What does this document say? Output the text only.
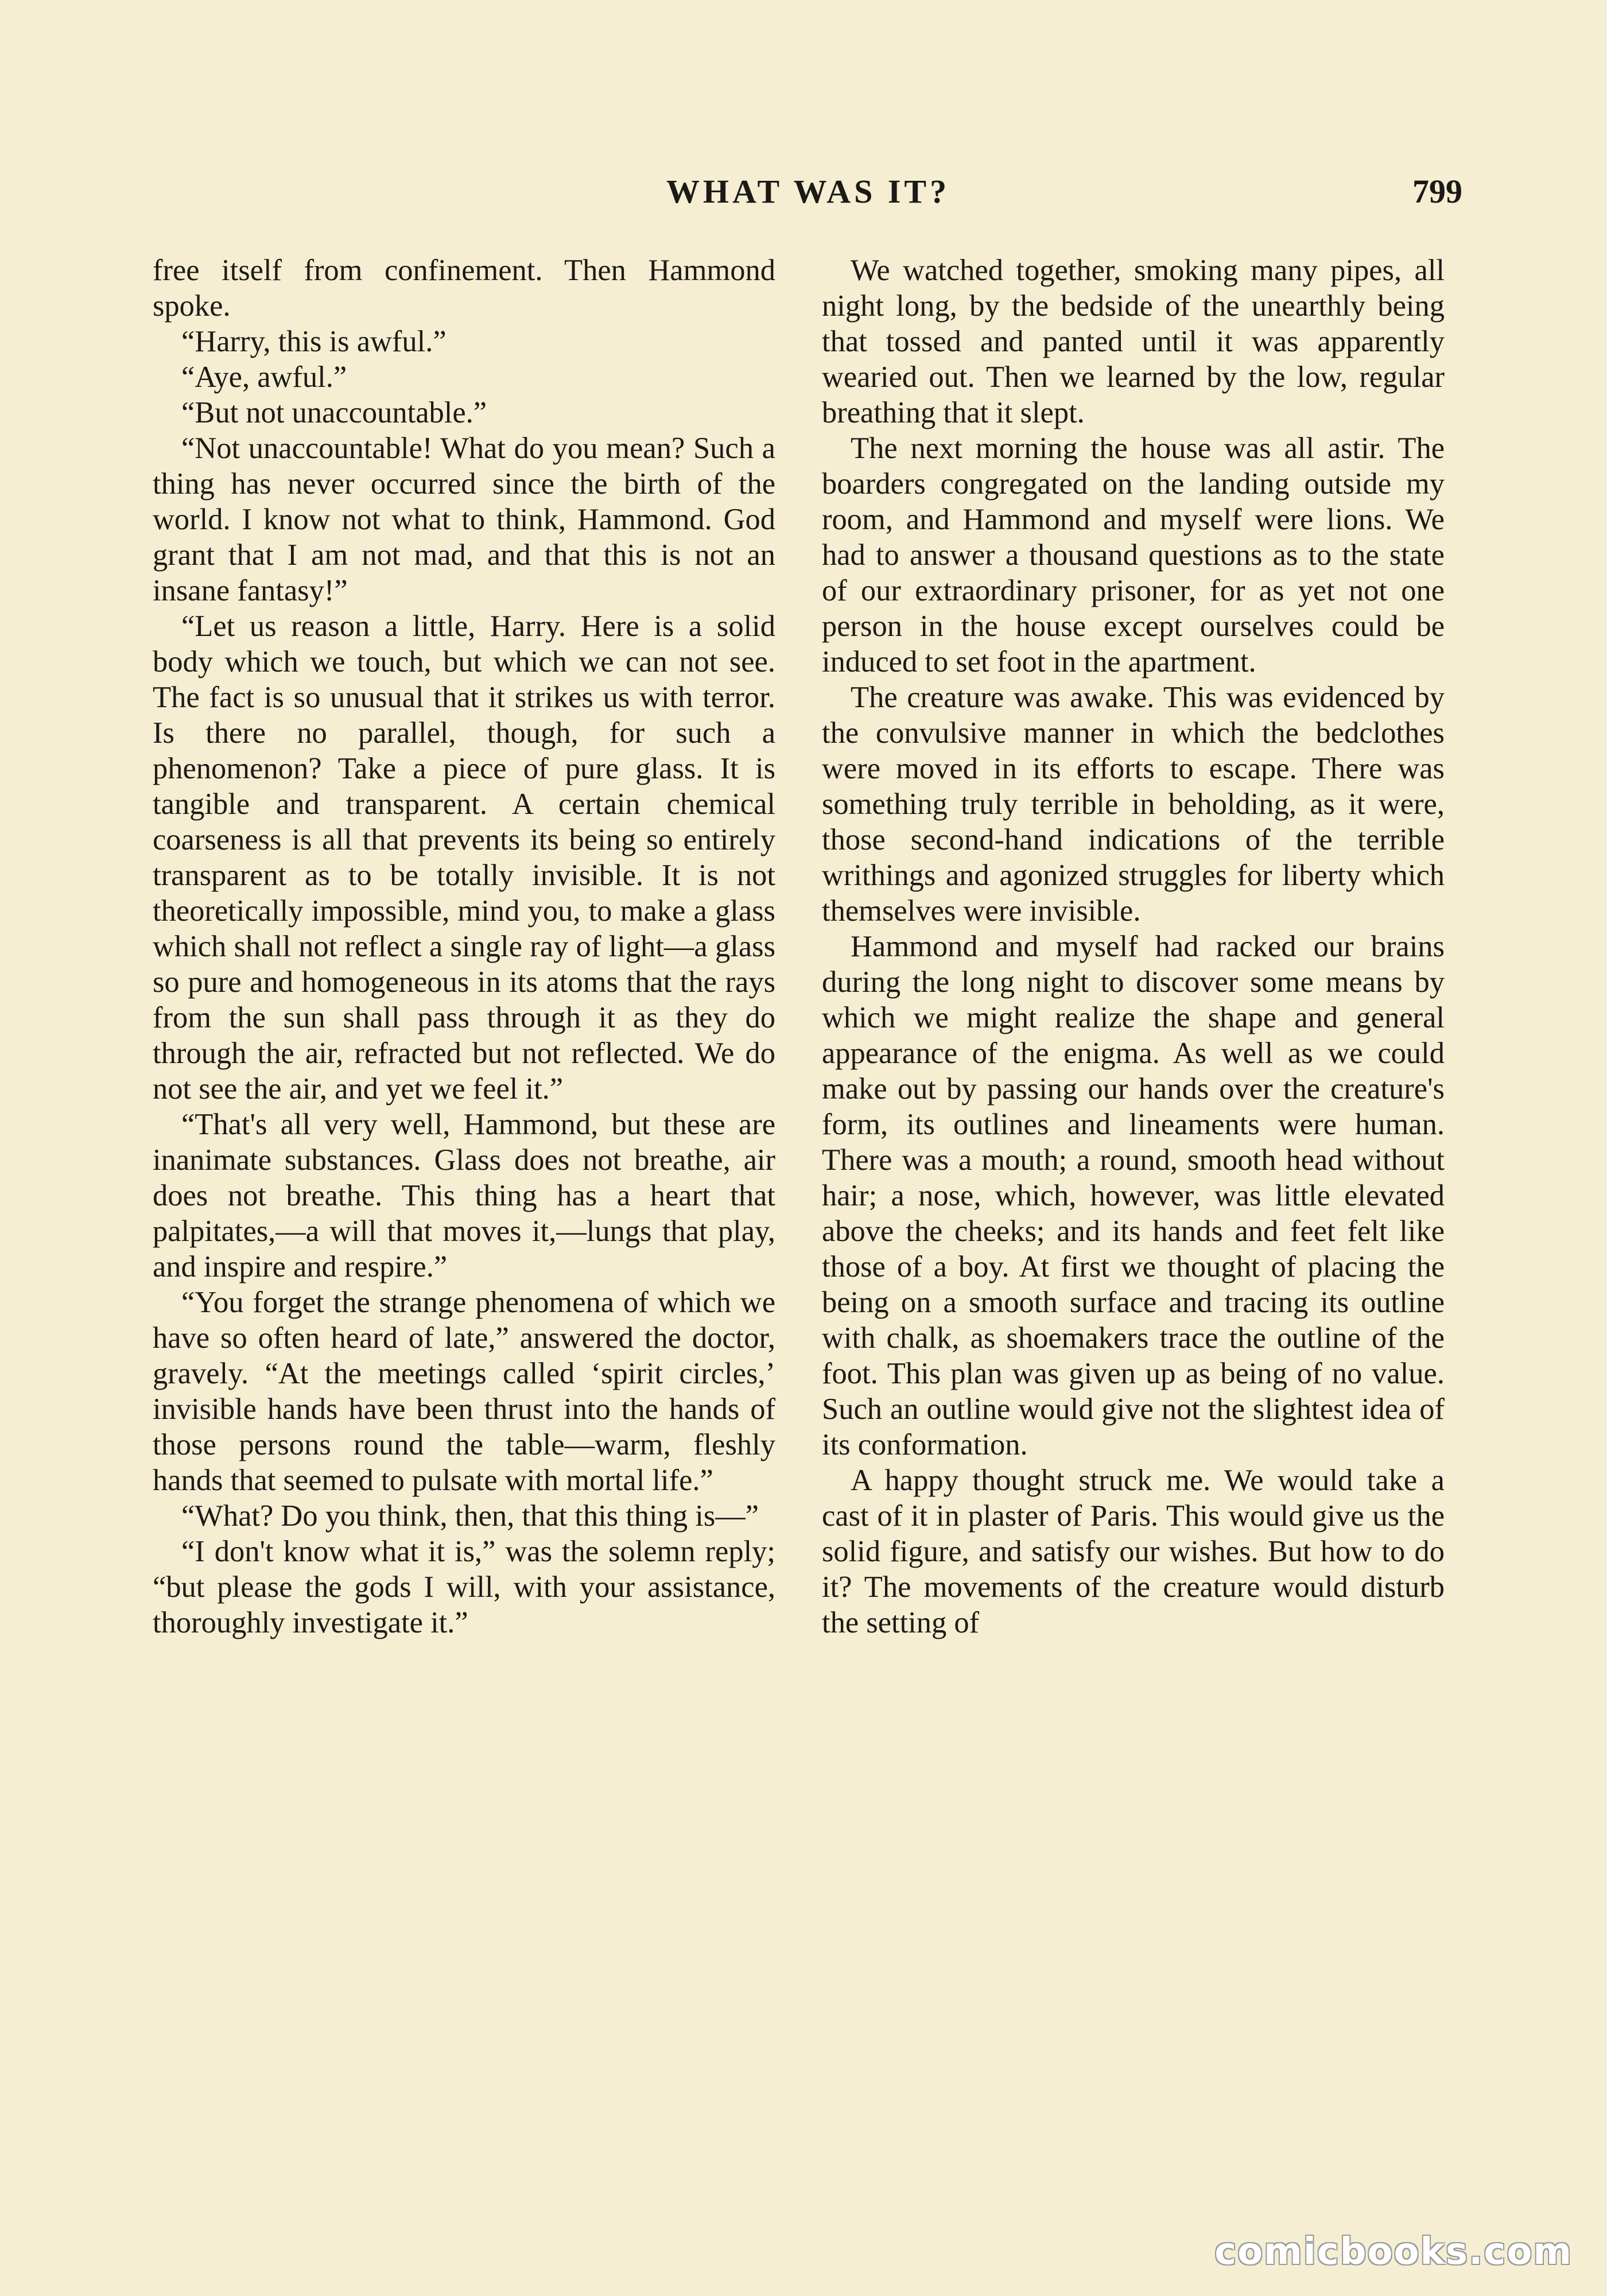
WHAT WAS IT?	799

free itself from confinement. Then Hammond spoke.

“Harry, this is awful.”

“Aye, awful.”

“But not unaccountable.”

“Not unaccountable! What do you mean? Such a thing has never occurred since the birth of the world. I know not what to think, Hammond. God grant that I am not mad, and that this is not an insane fantasy!”

“Let us reason a little, Harry. Here is a solid body which we touch, but which we can not see. The fact is so unusual that it strikes us with terror. Is there no parallel, though, for such a phenomenon? Take a piece of pure glass. It is tangible and transparent. A certain chemical coarseness is all that prevents its being so entirely transparent as to be totally invisible. It is not theoretically impossible, mind you, to make a glass which shall not reflect a single ray of light—a glass so pure and homogeneous in its atoms that the rays from the sun shall pass through it as they do through the air, refracted but not reflected. We do not see the air, and yet we feel it.”

“That's all very well, Hammond, but these are inanimate substances. Glass does not breathe, air does not breathe. This thing has a heart that palpitates,—a will that moves it,—lungs that play, and inspire and respire.”

“You forget the strange phenomena of which we have so often heard of late,” answered the doctor, gravely. “At the meetings called ‘spirit circles,’ invisible hands have been thrust into the hands of those persons round the table—warm, fleshly hands that seemed to pulsate with mortal life.”

“What? Do you think, then, that this thing is—”

“I don't know what it is,” was the solemn reply; “but please the gods I will, with your assistance, thoroughly investigate it.”

We watched together, smoking many pipes, all night long, by the bedside of the unearthly being that tossed and panted until it was apparently wearied out. Then we learned by the low, regular breathing that it slept.

The next morning the house was all astir. The boarders congregated on the landing outside my room, and Hammond and myself were lions. We had to answer a thousand questions as to the state of our extraordinary prisoner, for as yet not one person in the house except ourselves could be induced to set foot in the apartment.

The creature was awake. This was evidenced by the convulsive manner in which the bedclothes were moved in its efforts to escape. There was something truly terrible in beholding, as it were, those second-hand indications of the terrible writhings and agonized struggles for liberty which themselves were invisible.

Hammond and myself had racked our brains during the long night to discover some means by which we might realize the shape and general appearance of the enigma. As well as we could make out by passing our hands over the creature's form, its outlines and lineaments were human. There was a mouth; a round, smooth head without hair; a nose, which, however, was little elevated above the cheeks; and its hands and feet felt like those of a boy. At first we thought of placing the being on a smooth surface and tracing its outline with chalk, as shoemakers trace the outline of the foot. This plan was given up as being of no value. Such an outline would give not the slightest idea of its conformation.

A happy thought struck me. We would take a cast of it in plaster of Paris. This would give us the solid figure, and satisfy our wishes. But how to do it? The movements of the creature would disturb the setting of

comicbooks.com
